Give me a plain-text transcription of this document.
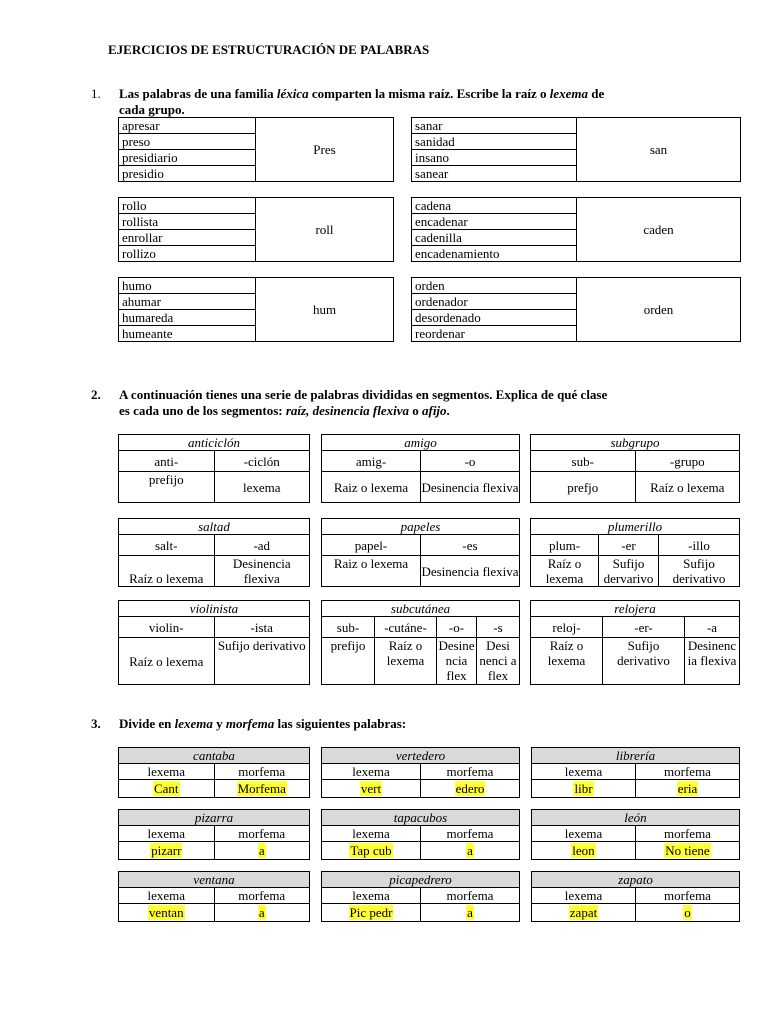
EJERCICIOS DE ESTRUCTURACIÓN DE PALABRAS
1. Las palabras de una familia léxica comparten la misma raíz. Escribe la raíz o lexema de
cada grupo.
apresar	Pres
preso
presidiario
presidio
sanar	san
sanidad
insano
sanear
rollo	roll
rollista
enrollar
rollizo
cadena	caden
encadenar
cadenilla
encadenamiento
humo	hum
ahumar
humareda
humeante
orden	orden
ordenador
desordenado
reordenar
2. A continuación tienes una serie de palabras divididas en segmentos. Explica de qué clase
es cada uno de los segmentos: raíz, desinencia flexiva o afijo.
anticiclón	
anti-	-ciclón
prefijo	lexema
amigo	
amig-	-o
Raiz o lexema	Desinencia flexiva
subgrupo	
sub-	-grupo
prefjo	Raíz o lexema
saltad	
salt-	-ad
Raíz o lexema	Desinencia flexiva
papeles	
papel-	-es
Raiz o lexema	Desinencia flexiva
plumerillo		
plum-	-er	-illo
Raíz o lexema	Sufijo dervarivo	Sufijo derivativo
violinista	
violin-	-ista
Raíz o lexema	Sufijo derivativo
subcutánea			
sub-	-cutáne-	-o-	-s
prefijo	Raíz o lexema	Desine ncia flex	Desi nenci a flex
relojera		
reloj-	-er-	-a
Raíz o lexema	Sufijo derivativo	Desinenc ia flexiva
3. Divide en lexema y morfema las siguientes palabras:
cantaba	
lexema	morfema
Cant	Morfema
vertedero	
lexema	morfema
vert	edero
librería	
lexema	morfema
libr	eria
pizarra	
lexema	morfema
pizarr	a
tapacubos	
lexema	morfema
Tap cub	a
león	
lexema	morfema
leon	No tiene
ventana	
lexema	morfema
ventan	a
picapedrero	
lexema	morfema
Pic pedr	a
zapato	
lexema	morfema
zapat	o
